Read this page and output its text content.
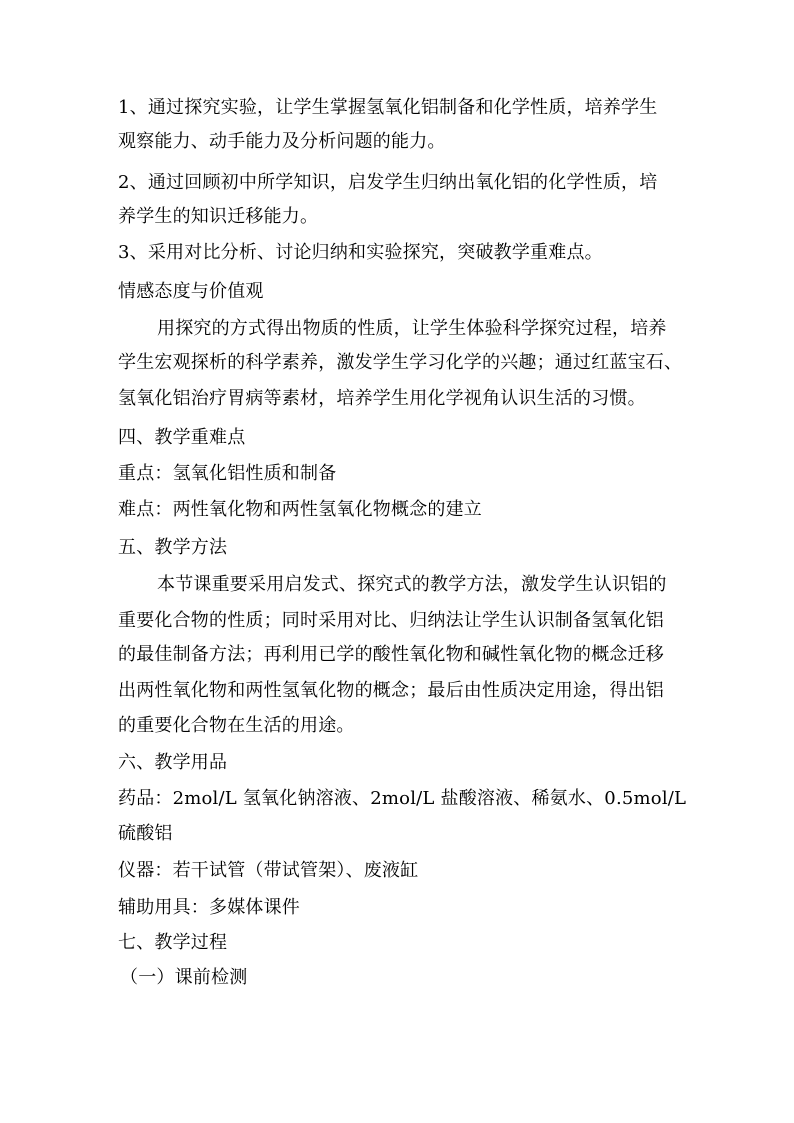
1、通过探究实验，让学生掌握氢氧化铝制备和化学性质，培养学生
观察能力、动手能力及分析问题的能力。
2、通过回顾初中所学知识，启发学生归纳出氧化铝的化学性质，培
养学生的知识迁移能力。
3、采用对比分析、讨论归纳和实验探究，突破教学重难点。
情感态度与价值观
用探究的方式得出物质的性质，让学生体验科学探究过程，培养
学生宏观探析的科学素养，激发学生学习化学的兴趣；通过红蓝宝石、
氢氧化铝治疗胃病等素材，培养学生用化学视角认识生活的习惯。
四、教学重难点
重点：氢氧化铝性质和制备
难点：两性氧化物和两性氢氧化物概念的建立
五、教学方法
本节课重要采用启发式、探究式的教学方法，激发学生认识铝的
重要化合物的性质；同时采用对比、归纳法让学生认识制备氢氧化铝
的最佳制备方法；再利用已学的酸性氧化物和碱性氧化物的概念迁移
出两性氧化物和两性氢氧化物的概念；最后由性质决定用途，得出铝
的重要化合物在生活的用途。
六、教学用品
药品：2mol/L 氢氧化钠溶液、2mol/L 盐酸溶液、稀氨水、0.5mol/L
硫酸铝
仪器：若干试管（带试管架）、废液缸
辅助用具：多媒体课件
七、教学过程
（一）课前检测
